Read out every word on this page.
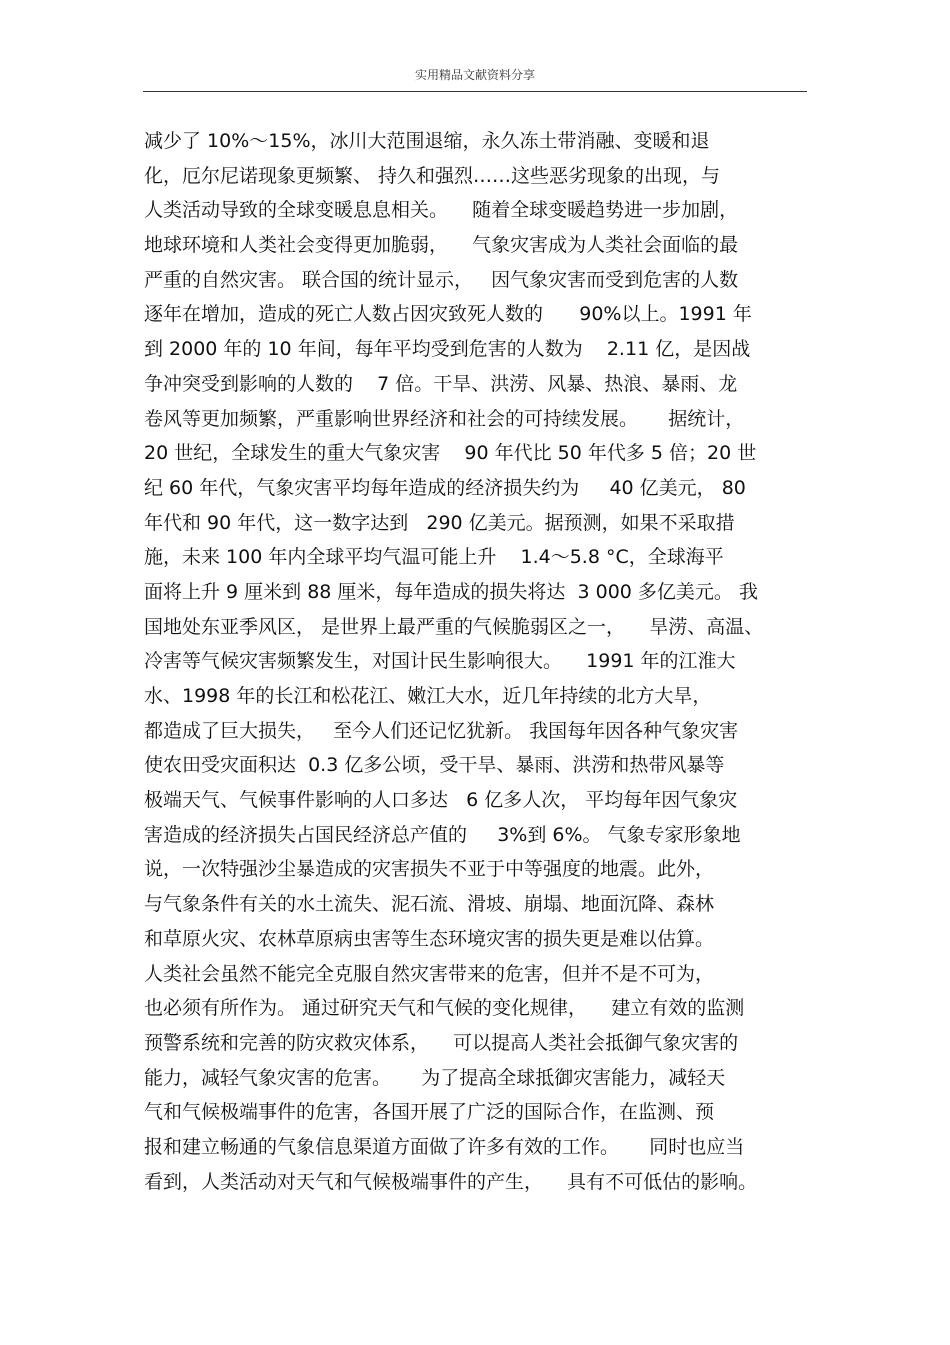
实用精品文献资料分享
减少了 10%～15%，冰川大范围退缩，永久冻土带消融、变暖和退
化，厄尔尼诺现象更频繁、 持久和强烈……这些恶劣现象的出现，与
人类活动导致的全球变暖息息相关。    随着全球变暖趋势进一步加剧，
地球环境和人类社会变得更加脆弱，    气象灾害成为人类社会面临的最
严重的自然灾害。 联合国的统计显示，   因气象灾害而受到危害的人数
逐年在增加，造成的死亡人数占因灾致死人数的      90%以上。1991 年
到 2000 年的 10 年间，每年平均受到危害的人数为    2.11 亿，是因战
争冲突受到影响的人数的    7 倍。干旱、洪涝、风暴、热浪、暴雨、龙
卷风等更加频繁，严重影响世界经济和社会的可持续发展。     据统计，
20 世纪，全球发生的重大气象灾害    90 年代比 50 年代多 5 倍；20 世
纪 60 年代，气象灾害平均每年造成的经济损失约为     40 亿美元， 80
年代和 90 年代，这一数字达到   290 亿美元。据预测，如果不采取措
施，未来 100 年内全球平均气温可能上升    1.4～5.8 °C，全球海平
面将上升 9 厘米到 88 厘米，每年造成的损失将达  3 000 多亿美元。 我
国地处东亚季风区， 是世界上最严重的气候脆弱区之一，    旱涝、高温、
冷害等气候灾害频繁发生，对国计民生影响很大。    1991 年的江淮大
水、1998 年的长江和松花江、嫩江大水，近几年持续的北方大旱，
都造成了巨大损失，   至今人们还记忆犹新。 我国每年因各种气象灾害
使农田受灾面积达  0.3 亿多公顷，受干旱、暴雨、洪涝和热带风暴等
极端天气、气候事件影响的人口多达   6 亿多人次， 平均每年因气象灾
害造成的经济损失占国民经济总产值的     3%到 6%。 气象专家形象地
说，一次特强沙尘暴造成的灾害损失不亚于中等强度的地震。此外，
与气象条件有关的水土流失、泥石流、滑坡、崩塌、地面沉降、森林
和草原火灾、农林草原病虫害等生态环境灾害的损失更是难以估算。
人类社会虽然不能完全克服自然灾害带来的危害，但并不是不可为，
也必须有所作为。 通过研究天气和气候的变化规律，    建立有效的监测
预警系统和完善的防灾救灾体系，    可以提高人类社会抵御气象灾害的
能力，减轻气象灾害的危害。     为了提高全球抵御灾害能力，减轻天
气和气候极端事件的危害，各国开展了广泛的国际合作，在监测、预
报和建立畅通的气象信息渠道方面做了许多有效的工作。     同时也应当
看到，人类活动对天气和气候极端事件的产生，    具有不可低估的影响。
